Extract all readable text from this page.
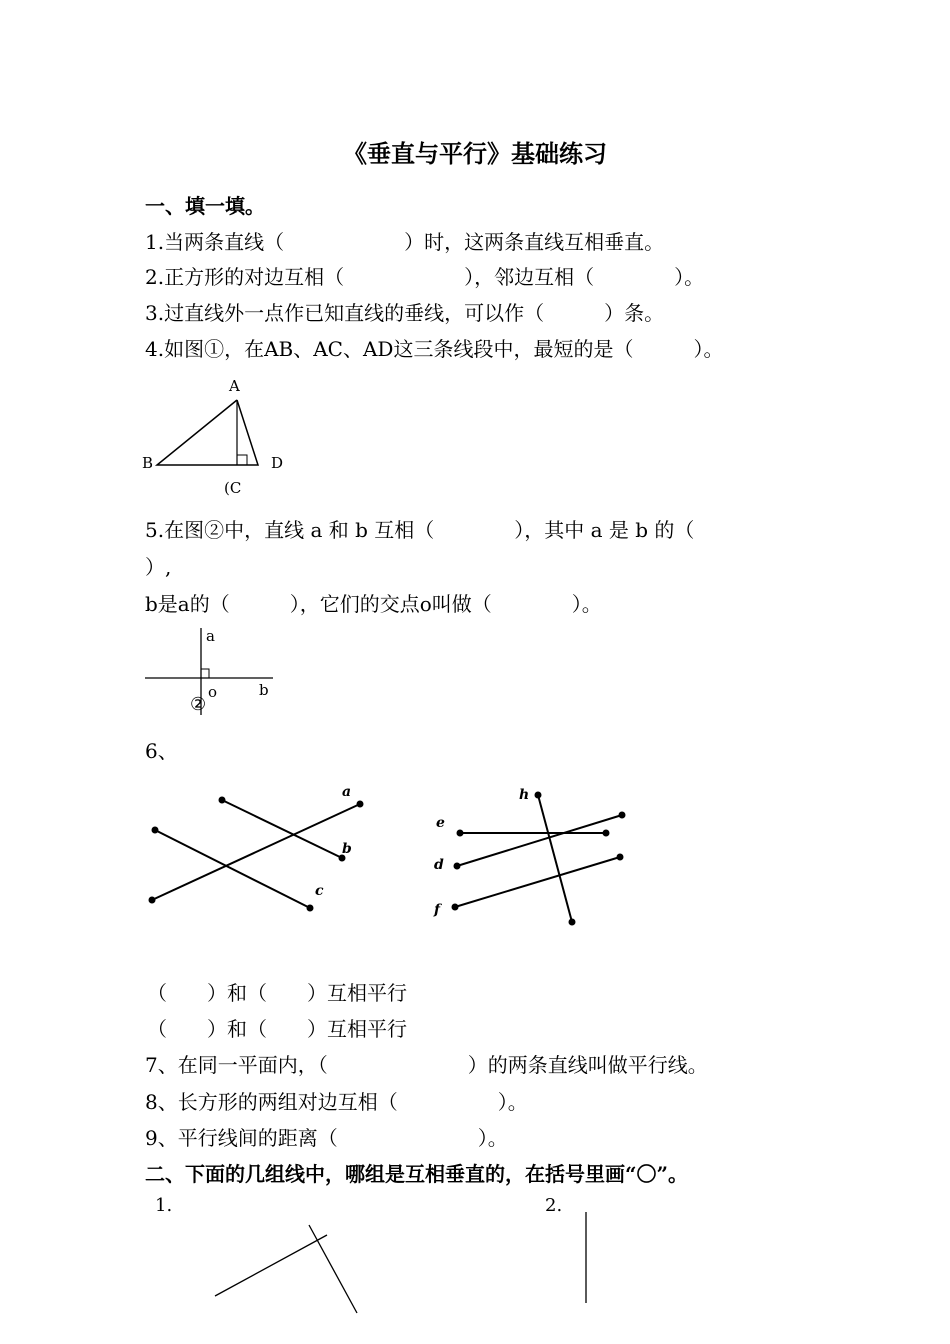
《垂直与平行》基础练习
一、填一填。
1.当两条直线（　　　　　　）时，这两条直线互相垂直。
2.正方形的对边互相（　　　　　　），邻边互相（　　　　）。
3.过直线外一点作已知直线的垂线，可以作（　　　）条。
4.如图①，在AB、AC、AD这三条线段中，最短的是（　　　）。
A
B	D
(C
5.在图②中，直线 a 和 b 互相（　　　　），其中 a 是 b 的（
）,
b是a的（　　　），它们的交点o叫做（　　　　）。
a
o	b
②
6、
a
b
c
h
e
d
f
（　　）和（　　）互相平行
（　　）和（　　）互相平行
7、在同一平面内，（　　　　　　　）的两条直线叫做平行线。
8、长方形的两组对边互相（　　　　　）。
9、平行线间的距离（　　　　　　　）。
二、下面的几组线中，哪组是互相垂直的，在括号里画“〇”。
1.	2.
